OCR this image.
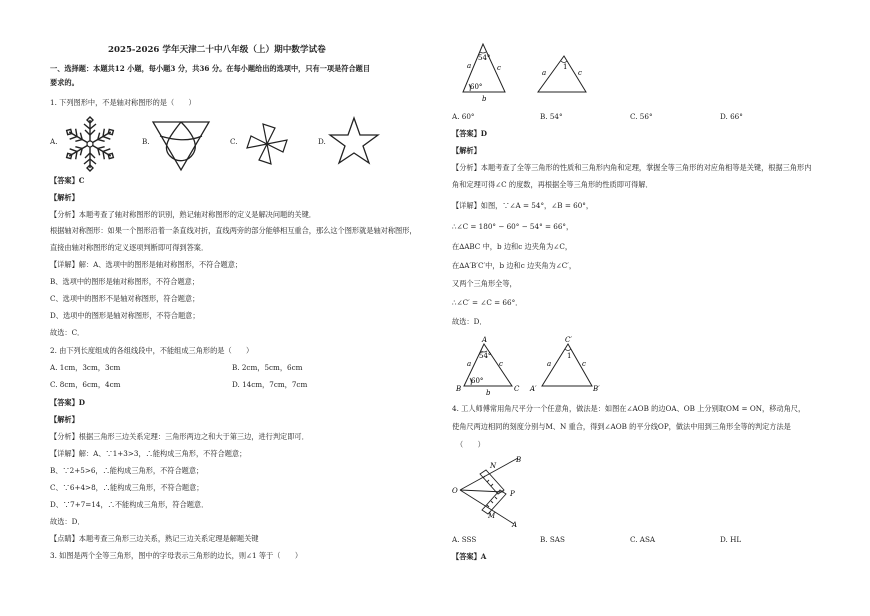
2025-2026 学年天津二十中八年级（上）期中数学试卷
一、选择题：本题共12 小题，每小题3 分，共36 分。在每小题给出的选项中，只有一项是符合题目
要求的。
1. 下列图形中，不是轴对称图形的是（　　）
A.	B.	C.	D.
【答案】C
【解析】
【分析】本题考查了轴对称图形的识别，熟记轴对称图形的定义是解决问题的关键．
根据轴对称图形：如果一个图形沿着一条直线对折，直线两旁的部分能够相互重合，那么这个图形就是轴对称图形，
直接由轴对称图形的定义逐项判断即可得到答案．
【详解】解：A、选项中的图形是轴对称图形，不符合题意；
B、选项中的图形是轴对称图形，不符合题意；
C、选项中的图形不是轴对称图形，符合题意；
D、选项中的图形是轴对称图形，不符合题意；
故选：C．
2. 由下列长度组成的各组线段中，不能组成三角形的是（　　）
A. 1cm，3cm，3cm	B. 2cm，5cm，6cm
C. 8cm，6cm，4cm	D. 14cm，7cm，7cm
【答案】D
【解析】
【分析】根据三角形三边关系定理：三角形两边之和大于第三边，进行判定即可．
【详解】解：A、∵1+3>3，∴能构成三角形，不符合题意；
B、∵2+5>6，∴能构成三角形，不符合题意；
C、∵6+4>8，∴能构成三角形，不符合题意；
D、∵7+7=14，∴不能构成三角形，符合题意．
故选：D．
【点睛】本题考查三角形三边关系，熟记三边关系定理是解题关键
3. 如图是两个全等三角形，图中的字母表示三角形的边长，则∠1 等于（　　）
54°
60°
a	c
b
1
a	c
A. 60°	B. 54°	C. 56°	D. 66°
【答案】D
【解析】
【分析】本题考查了全等三角形的性质和三角形内角和定理，掌握全等三角形的对应角相等是关键，根据三角形内
角和定理可得∠C 的度数，再根据全等三角形的性质即可得解．
【详解】如图，∵∠A = 54°，∠B = 60°，
∴∠C = 180° − 60° − 54° = 66°，
在∆ABC 中，b 边和c 边夹角为∠C，
在∆A′B′C′中，b 边和c 边夹角为∠C′，
又两个三角形全等，
∴∠C′ = ∠C = 66°．
故选：D．
A
B	C
54°
60°
a	c
b
C′
A′	B′
1
a	c
4. 工人师傅常用角尺平分一个任意角，做法是：如图在∠AOB 的边OA、OB 上分别取OM = ON，移动角尺，
使角尺两边相同的刻度分别与M、N 重合，得到∠AOB 的平分线OP，做法中用到三角形全等的判定方法是
（　　）
O
B
A
N
M
P
A. SSS	B. SAS	C. ASA	D. HL
【答案】A
